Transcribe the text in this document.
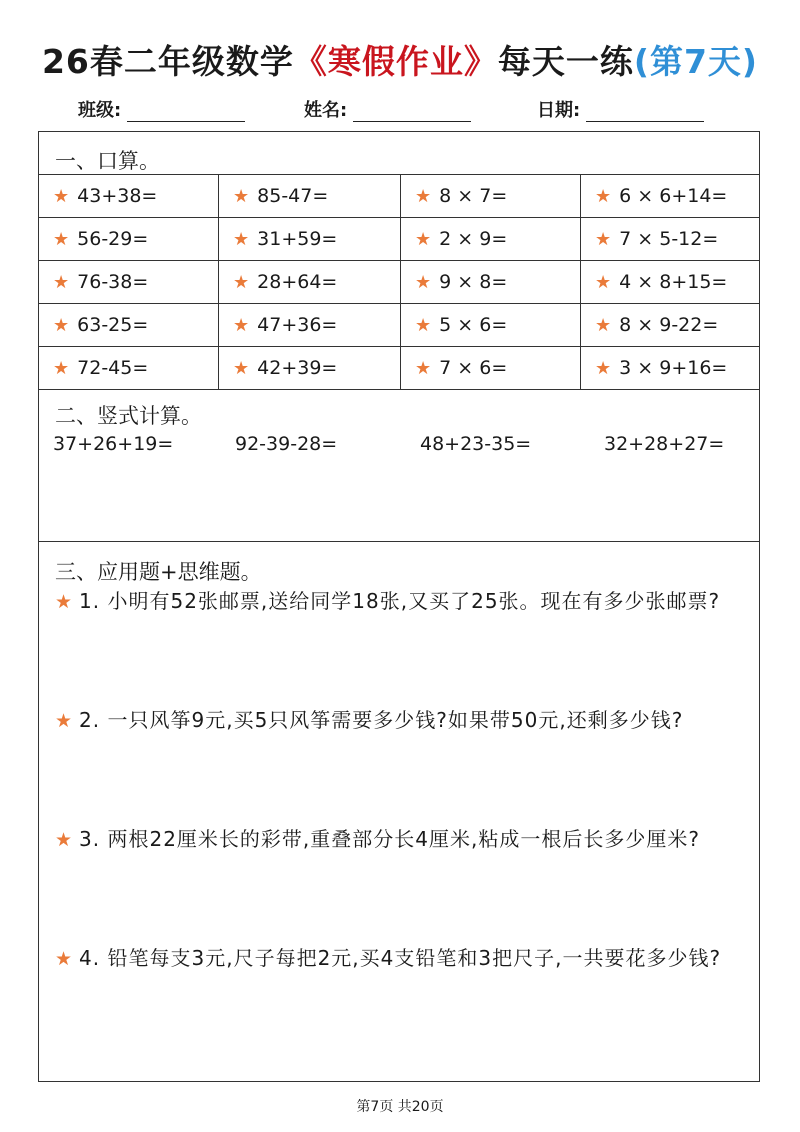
26春二年级数学《寒假作业》每天一练(第7天)
班级:	姓名:	日期:
一、口算。
★ 43+38=	★ 85-47=	★ 8 × 7=	★ 6 × 6+14=
★ 56-29=	★ 31+59=	★ 2 × 9=	★ 7 × 5-12=
★ 76-38=	★ 28+64=	★ 9 × 8=	★ 4 × 8+15=
★ 63-25=	★ 47+36=	★ 5 × 6=	★ 8 × 9-22=
★ 72-45=	★ 42+39=	★ 7 × 6=	★ 3 × 9+16=
二、竖式计算。
37+26+19=	92-39-28=	48+23-35=	32+28+27=
三、应用题+思维题。
★ 1. 小明有52张邮票,送给同学18张,又买了25张。现在有多少张邮票?
★ 2. 一只风筝9元,买5只风筝需要多少钱?如果带50元,还剩多少钱?
★ 3. 两根22厘米长的彩带,重叠部分长4厘米,粘成一根后长多少厘米?
★ 4. 铅笔每支3元,尺子每把2元,买4支铅笔和3把尺子,一共要花多少钱?
第7页 共20页
